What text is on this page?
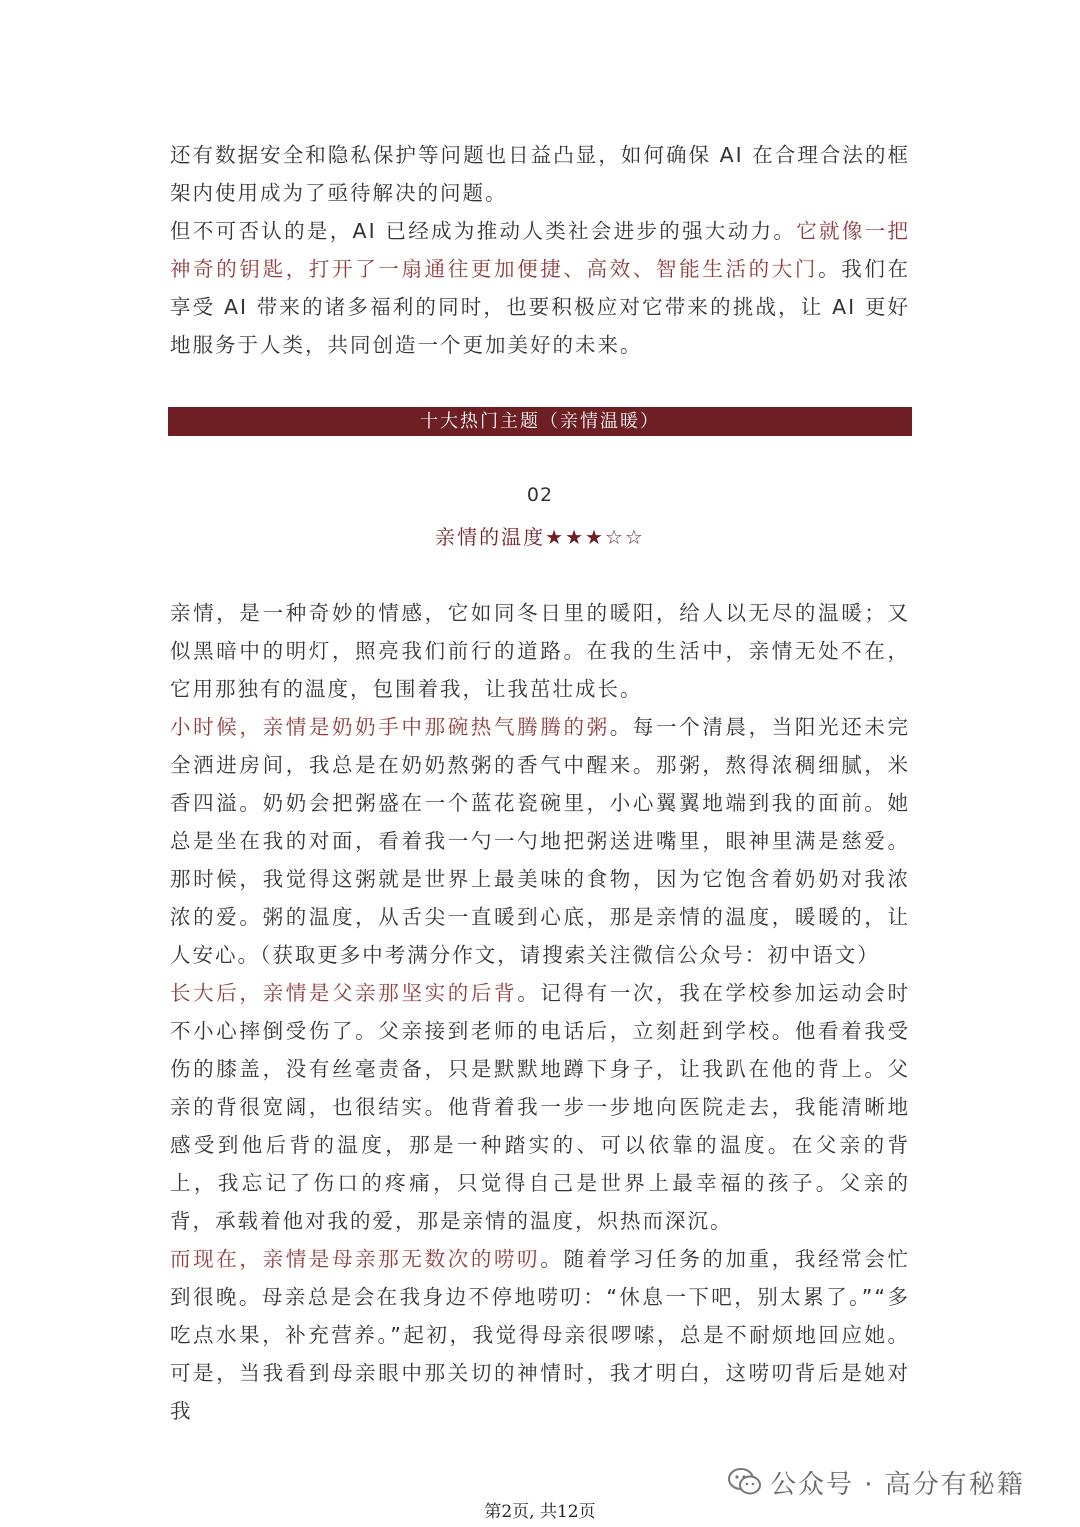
还有数据安全和隐私保护等问题也日益凸显，如何确保 AI 在合理合法的框架内使用成为了亟待解决的问题。

但不可否认的是，AI 已经成为推动人类社会进步的强大动力。它就像一把神奇的钥匙，打开了一扇通往更加便捷、高效、智能生活的大门。我们在享受 AI 带来的诸多福利的同时，也要积极应对它带来的挑战，让 AI 更好地服务于人类，共同创造一个更加美好的未来。

十大热门主题（亲情温暖）
02
亲情的温度★★★☆☆

亲情，是一种奇妙的情感，它如同冬日里的暖阳，给人以无尽的温暖；又似黑暗中的明灯，照亮我们前行的道路。在我的生活中，亲情无处不在，它用那独有的温度，包围着我，让我茁壮成长。

小时候，亲情是奶奶手中那碗热气腾腾的粥。每一个清晨，当阳光还未完全洒进房间，我总是在奶奶熬粥的香气中醒来。那粥，熬得浓稠细腻，米香四溢。奶奶会把粥盛在一个蓝花瓷碗里，小心翼翼地端到我的面前。她总是坐在我的对面，看着我一勺一勺地把粥送进嘴里，眼神里满是慈爱。那时候，我觉得这粥就是世界上最美味的食物，因为它饱含着奶奶对我浓浓的爱。粥的温度，从舌尖一直暖到心底，那是亲情的温度，暖暖的，让人安心。（获取更多中考满分作文，请搜索关注微信公众号：初中语文）

长大后，亲情是父亲那坚实的后背。记得有一次，我在学校参加运动会时不小心摔倒受伤了。父亲接到老师的电话后，立刻赶到学校。他看着我受伤的膝盖，没有丝毫责备，只是默默地蹲下身子，让我趴在他的背上。父亲的背很宽阔，也很结实。他背着我一步一步地向医院走去，我能清晰地感受到他后背的温度，那是一种踏实的、可以依靠的温度。在父亲的背上，我忘记了伤口的疼痛，只觉得自己是世界上最幸福的孩子。父亲的背，承载着他对我的爱，那是亲情的温度，炽热而深沉。

而现在，亲情是母亲那无数次的唠叨。随着学习任务的加重，我经常会忙到很晚。母亲总是会在我身边不停地唠叨：“休息一下吧，别太累了。”“多吃点水果，补充营养。”起初，我觉得母亲很啰嗦，总是不耐烦地回应她。可是，当我看到母亲眼中那关切的神情时，我才明白，这唠叨背后是她对我

公众号 · 高分有秘籍
第2页, 共12页
